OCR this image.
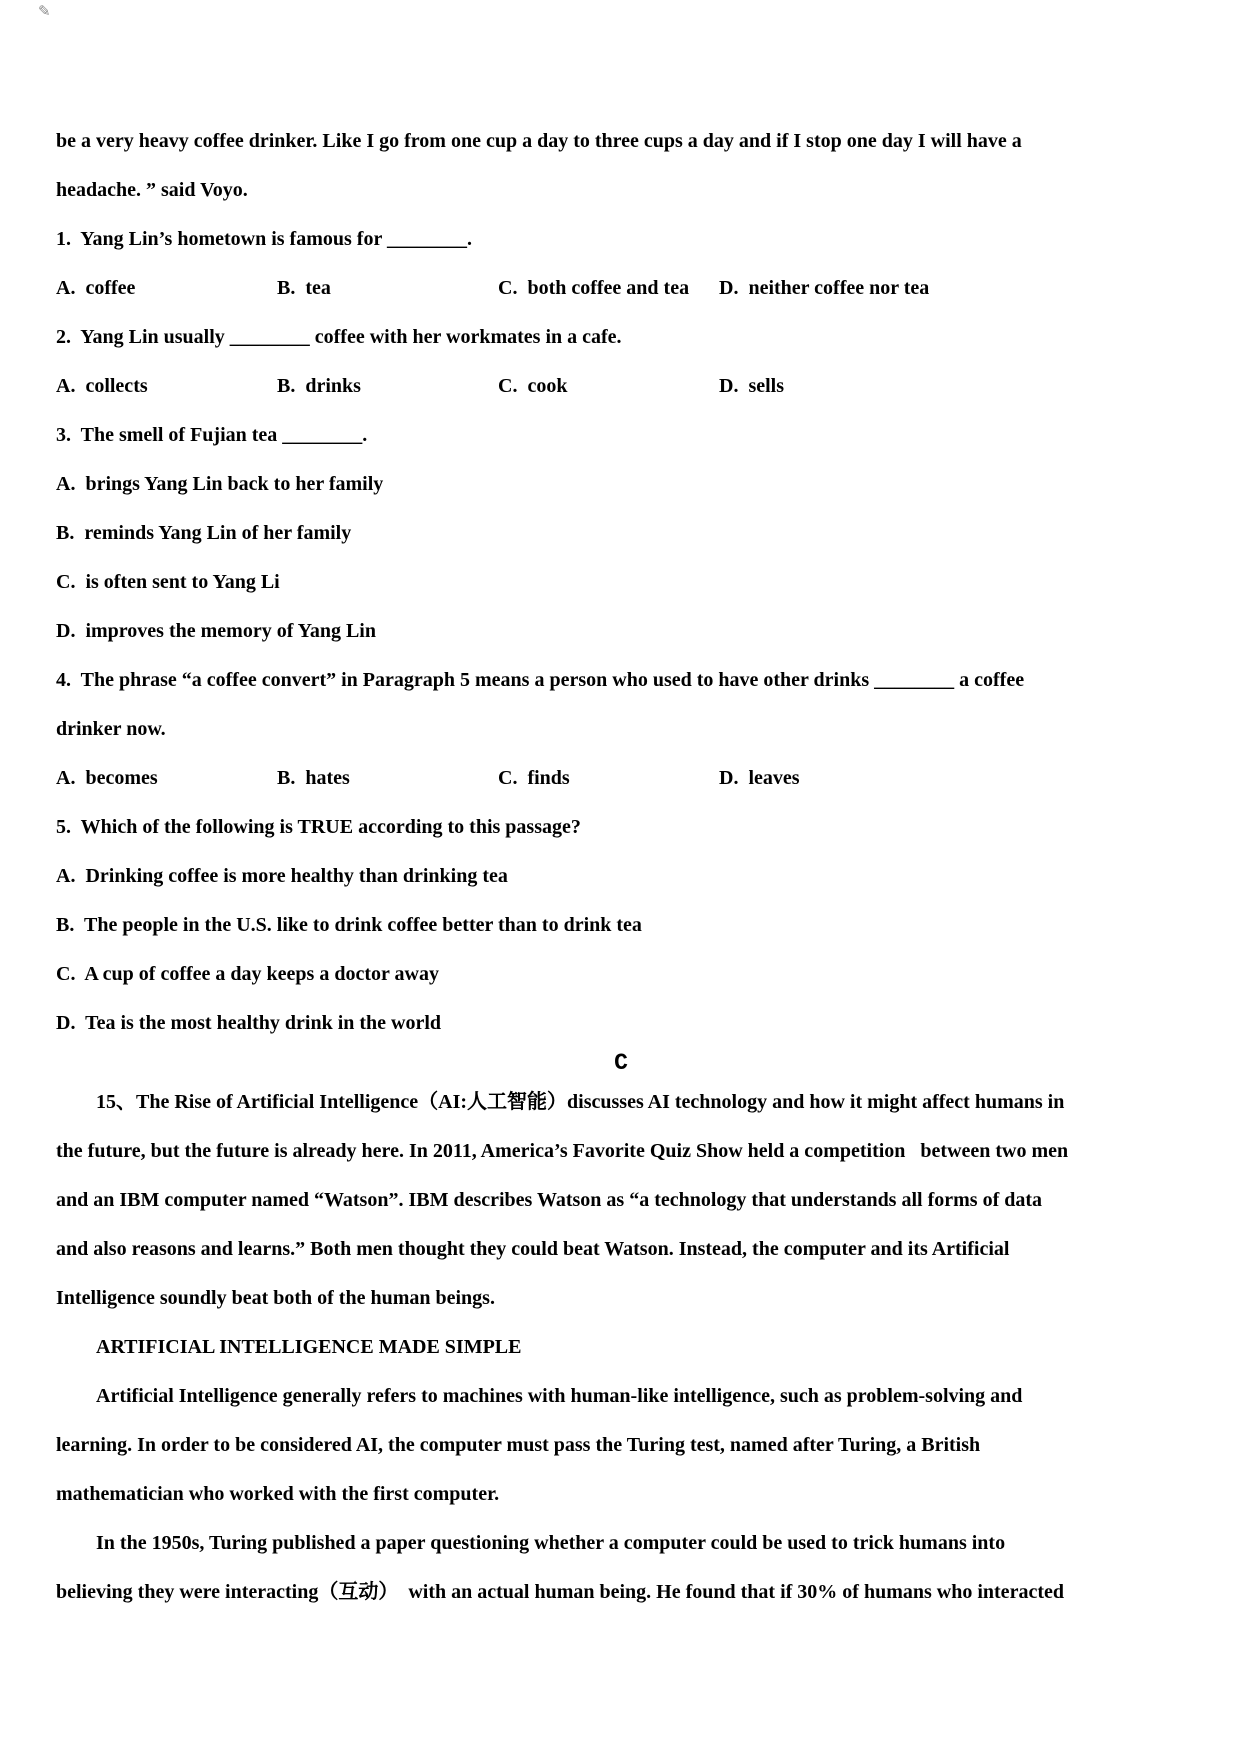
✎
be a very heavy coffee drinker. Like I go from one cup a day to three cups a day and if I stop one day I will have a
headache. ” said Voyo.
1.  Yang Lin’s hometown is famous for ________.
A.  coffee	B.  tea	C.  both coffee and tea D.  neither coffee nor tea
2.  Yang Lin usually ________ coffee with her workmates in a cafe.
A.  collects	B.  drinks	C.  cook	D.  sells
3.  The smell of Fujian tea ________.
A.  brings Yang Lin back to her family
B.  reminds Yang Lin of her family
C.  is often sent to Yang Li
D.  improves the memory of Yang Lin
4.  The phrase “a coffee convert” in Paragraph 5 means a person who used to have other drinks ________ a coffee
drinker now.
A.  becomes	B.  hates	C.  finds	D.  leaves
5.  Which of the following is TRUE according to this passage?
A.  Drinking coffee is more healthy than drinking tea
B.  The people in the U.S. like to drink coffee better than to drink tea
C.  A cup of coffee a day keeps a doctor away
D.  Tea is the most healthy drink in the world
C
15、The Rise of Artificial Intelligence（AI:人工智能）discusses AI technology and how it might affect humans in
the future, but the future is already here. In 2011, America’s Favorite Quiz Show held a competition   between two men
and an IBM computer named “Watson”. IBM describes Watson as “a technology that understands all forms of data
and also reasons and learns.” Both men thought they could beat Watson. Instead, the computer and its Artificial
Intelligence soundly beat both of the human beings.
ARTIFICIAL INTELLIGENCE MADE SIMPLE
Artificial Intelligence generally refers to machines with human-like intelligence, such as problem-solving and
learning. In order to be considered AI, the computer must pass the Turing test, named after Turing, a British
mathematician who worked with the first computer.
In the 1950s, Turing published a paper questioning whether a computer could be used to trick humans into
believing they were interacting（互动）  with an actual human being. He found that if 30% of humans who interacted
